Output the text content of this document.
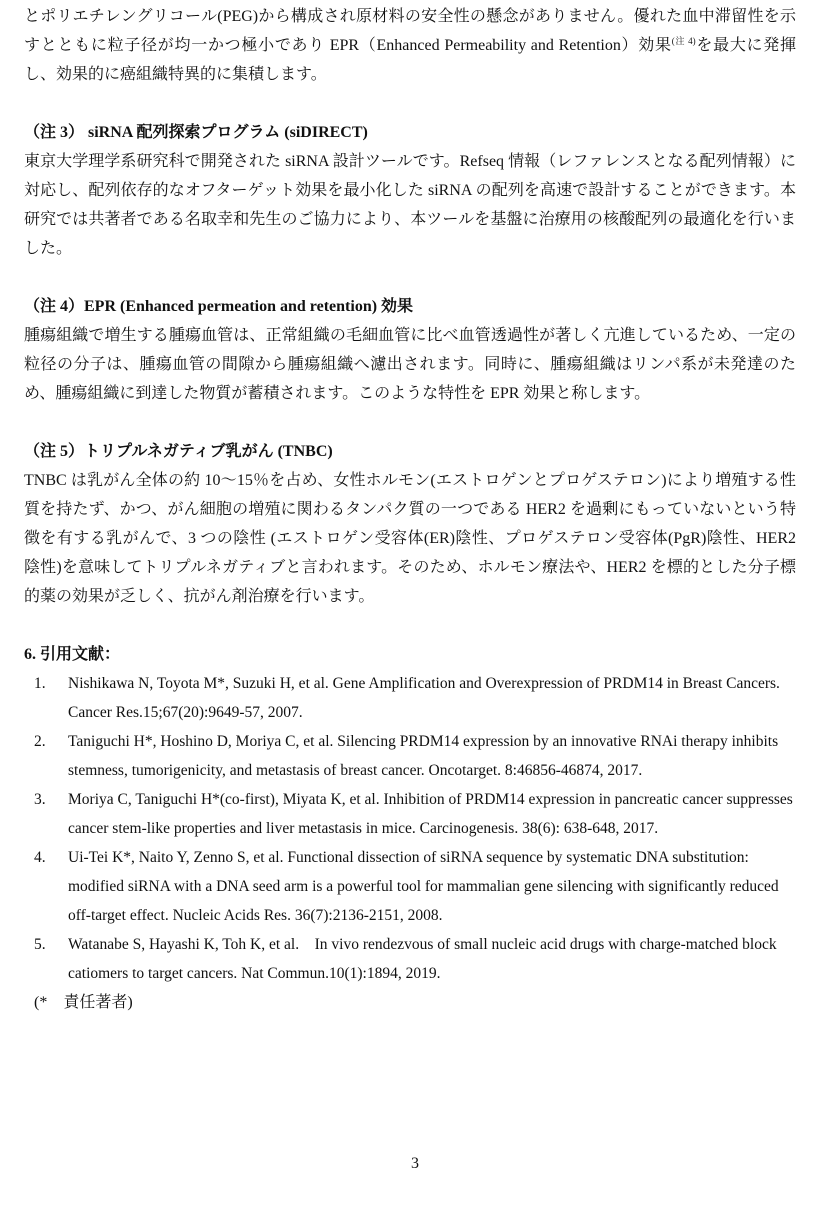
とポリエチレングリコール(PEG)から構成され原材料の安全性の懸念がありません。優れた血中滞留性を示すとともに粒子径が均一かつ極小であり EPR（Enhanced Permeability and Retention）効果$^{(注 4)}$を最大に発揮し、効果的に癌組織特異的に集積します。

（注 3） siRNA 配列探索プログラム (siDIRECT)

東京大学理学系研究科で開発された siRNA 設計ツールです。Refseq 情報（レファレンスとなる配列情報）に対応し、配列依存的なオフターゲット効果を最小化した siRNA の配列を高速で設計することができます。本研究では共著者である名取幸和先生のご協力により、本ツールを基盤に治療用の核酸配列の最適化を行いました。

（注 4）EPR (Enhanced permeation and retention) 効果

腫瘍組織で増生する腫瘍血管は、正常組織の毛細血管に比べ血管透過性が著しく亢進しているため、一定の粒径の分子は、腫瘍血管の間隙から腫瘍組織へ濾出されます。同時に、腫瘍組織はリンパ系が未発達のため、腫瘍組織に到達した物質が蓄積されます。このような特性を EPR 効果と称します。

（注 5）トリプルネガティブ乳がん (TNBC)

TNBC は乳がん全体の約 10〜15％を占め、女性ホルモン(エストロゲンとプロゲステロン)により増殖する性質を持たず、かつ、がん細胞の増殖に関わるタンパク質の一つである HER2 を過剰にもっていないという特徴を有する乳がんで、3 つの陰性 (エストロゲン受容体(ER)陰性、プロゲステロン受容体(PgR)陰性、HER2 陰性)を意味してトリプルネガティブと言われます。そのため、ホルモン療法や、HER2 を標的とした分子標的薬の効果が乏しく、抗がん剤治療を行います。

6. 引用文献：

1. Nishikawa N, Toyota M*, Suzuki H, et al. Gene Amplification and Overexpression of PRDM14 in Breast Cancers. Cancer Res.15;67(20):9649-57, 2007.
2. Taniguchi H*, Hoshino D, Moriya C, et al. Silencing PRDM14 expression by an innovative RNAi therapy inhibits stemness, tumorigenicity, and metastasis of breast cancer. Oncotarget. 8:46856-46874, 2017.
3. Moriya C, Taniguchi H*(co-first), Miyata K, et al. Inhibition of PRDM14 expression in pancreatic cancer suppresses cancer stem-like properties and liver metastasis in mice. Carcinogenesis. 38(6): 638-648, 2017.
4. Ui-Tei K*, Naito Y, Zenno S, et al. Functional dissection of siRNA sequence by systematic DNA substitution: modified siRNA with a DNA seed arm is a powerful tool for mammalian gene silencing with significantly reduced off-target effect. Nucleic Acids Res. 36(7):2136-2151, 2008.
5. Watanabe S, Hayashi K, Toh K, et al.　In vivo rendezvous of small nucleic acid drugs with charge-matched block catiomers to target cancers. Nat Commun.10(1):1894, 2019.

(*　責任著者)

3
